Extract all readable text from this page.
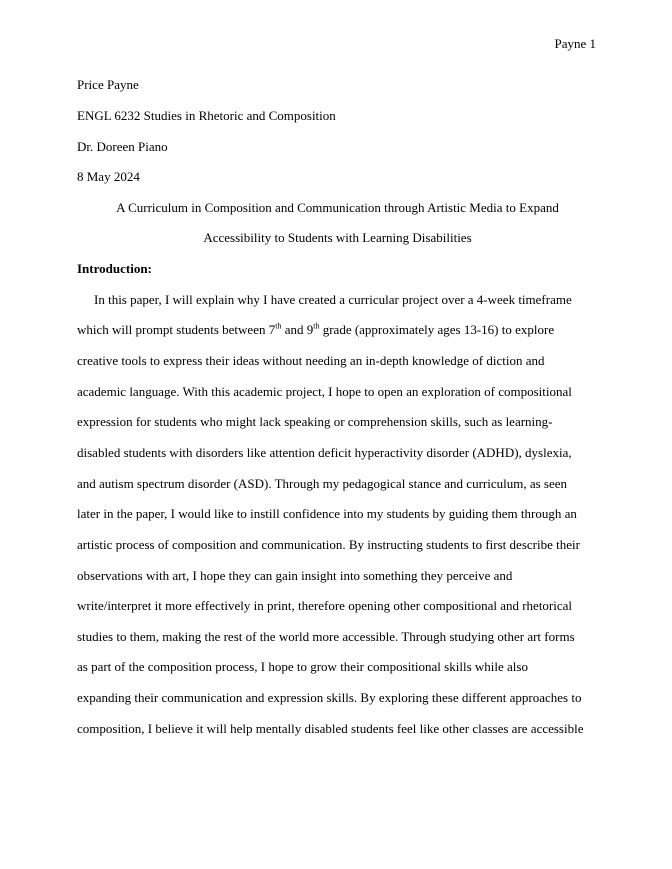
Payne 1
Price Payne
ENGL 6232 Studies in Rhetoric and Composition
Dr. Doreen Piano
8 May 2024
A Curriculum in Composition and Communication through Artistic Media to Expand
Accessibility to Students with Learning Disabilities
Introduction:
In this paper, I will explain why I have created a curricular project over a 4-week timeframe
which will prompt students between 7th and 9th grade (approximately ages 13-16) to explore
creative tools to express their ideas without needing an in-depth knowledge of diction and
academic language. With this academic project, I hope to open an exploration of compositional
expression for students who might lack speaking or comprehension skills, such as learning-
disabled students with disorders like attention deficit hyperactivity disorder (ADHD), dyslexia,
and autism spectrum disorder (ASD). Through my pedagogical stance and curriculum, as seen
later in the paper, I would like to instill confidence into my students by guiding them through an
artistic process of composition and communication. By instructing students to first describe their
observations with art, I hope they can gain insight into something they perceive and
write/interpret it more effectively in print, therefore opening other compositional and rhetorical
studies to them, making the rest of the world more accessible. Through studying other art forms
as part of the composition process, I hope to grow their compositional skills while also
expanding their communication and expression skills. By exploring these different approaches to
composition, I believe it will help mentally disabled students feel like other classes are accessible
